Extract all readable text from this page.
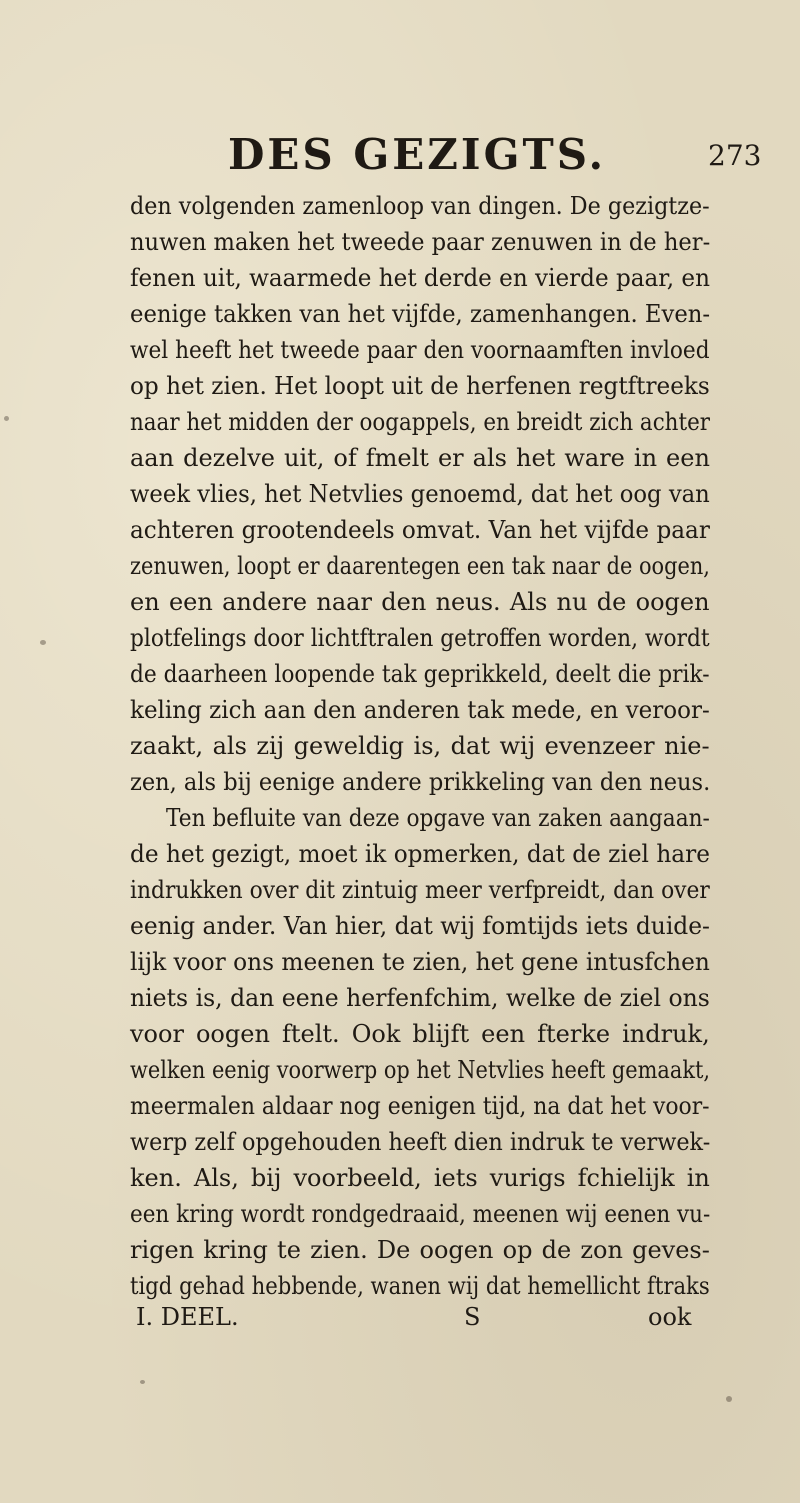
DES GEZIGTS.	273
den volgenden zamenloop van dingen. De gezigtze-
nuwen maken het tweede paar zenuwen in de her-
fenen uit, waarmede het derde en vierde paar, en
eenige takken van het vijfde, zamenhangen. Even-
wel heeft het tweede paar den voornaamften invloed
op het zien. Het loopt uit de herfenen regtftreeks
naar het midden der oogappels, en breidt zich achter
aan dezelve uit, of fmelt er als het ware in een
week vlies, het Netvlies genoemd, dat het oog van
achteren grootendeels omvat. Van het vijfde paar
zenuwen, loopt er daarentegen een tak naar de oogen,
en een andere naar den neus. Als nu de oogen
plotfelings door lichtftralen getroffen worden, wordt
de daarheen loopende tak geprikkeld, deelt die prik-
keling zich aan den anderen tak mede, en veroor-
zaakt, als zij geweldig is, dat wij evenzeer nie-
zen, als bij eenige andere prikkeling van den neus.
Ten befluite van deze opgave van zaken aangaan-
de het gezigt, moet ik opmerken, dat de ziel hare
indrukken over dit zintuig meer verfpreidt, dan over
eenig ander. Van hier, dat wij fomtijds iets duide-
lijk voor ons meenen te zien, het gene intusfchen
niets is, dan eene herfenfchim, welke de ziel ons
voor oogen ftelt. Ook blijft een fterke indruk,
welken eenig voorwerp op het Netvlies heeft gemaakt,
meermalen aldaar nog eenigen tijd, na dat het voor-
werp zelf opgehouden heeft dien indruk te verwek-
ken. Als, bij voorbeeld, iets vurigs fchielijk in
een kring wordt rondgedraaid, meenen wij eenen vu-
rigen kring te zien. De oogen op de zon geves-
tigd gehad hebbende, wanen wij dat hemellicht ftraks
I. DEEL.	S	ook
